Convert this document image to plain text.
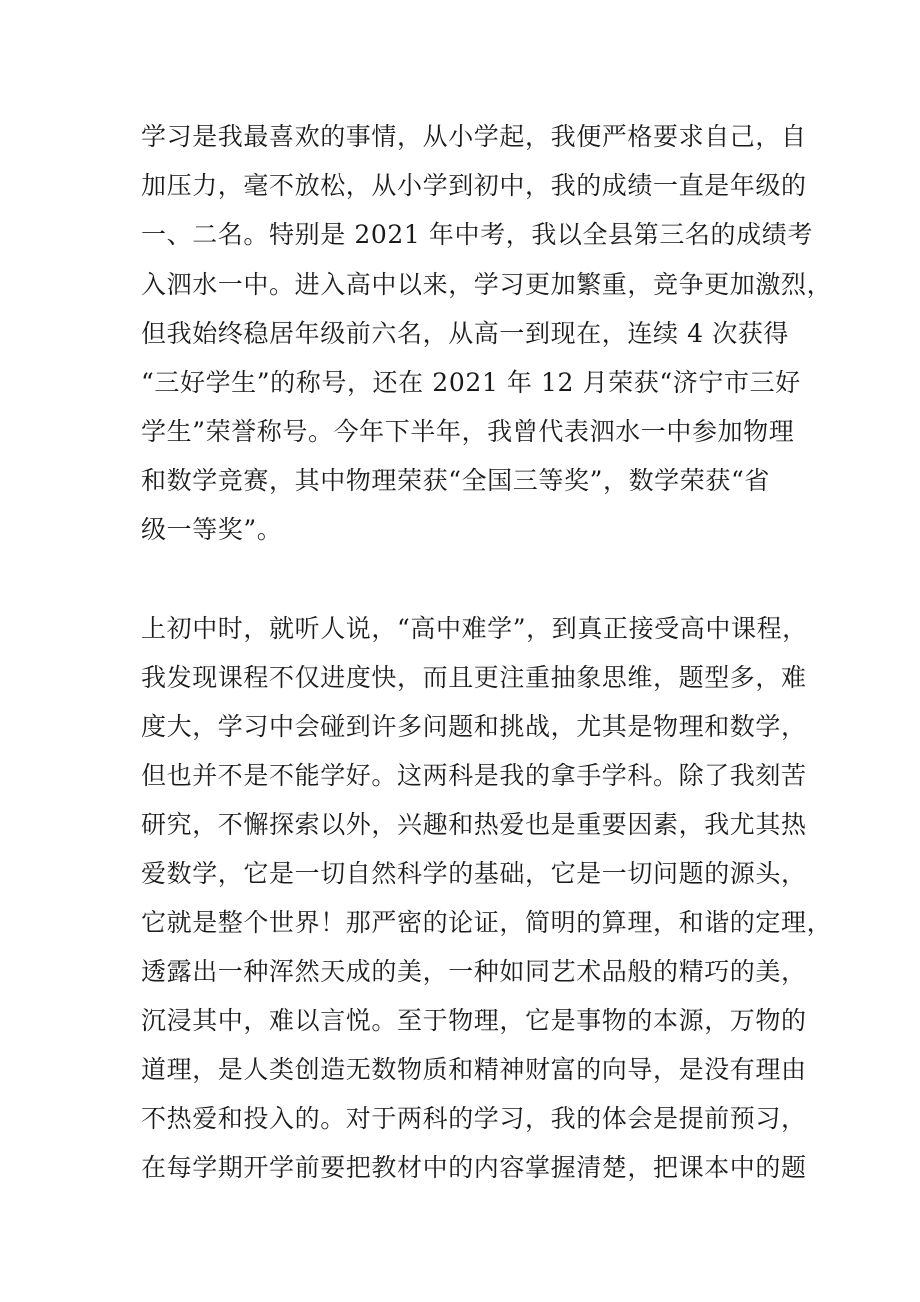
学习是我最喜欢的事情，从小学起，我便严格要求自己，自
加压力，毫不放松，从小学到初中，我的成绩一直是年级的
一、二名。特别是 2021 年中考，我以全县第三名的成绩考
入泗水一中。进入高中以来，学习更加繁重，竞争更加激烈，
但我始终稳居年级前六名，从高一到现在，连续 4 次获得
“三好学生”的称号，还在 2021 年 12 月荣获“济宁市三好
学生”荣誉称号。今年下半年，我曾代表泗水一中参加物理
和数学竞赛，其中物理荣获“全国三等奖”，数学荣获“省
级一等奖”。
上初中时，就听人说，“高中难学”，到真正接受高中课程，
我发现课程不仅进度快，而且更注重抽象思维，题型多，难
度大，学习中会碰到许多问题和挑战，尤其是物理和数学，
但也并不是不能学好。这两科是我的拿手学科。除了我刻苦
研究，不懈探索以外，兴趣和热爱也是重要因素，我尤其热
爱数学，它是一切自然科学的基础，它是一切问题的源头，
它就是整个世界！那严密的论证，简明的算理，和谐的定理，
透露出一种浑然天成的美，一种如同艺术品般的精巧的美，
沉浸其中，难以言悦。至于物理，它是事物的本源，万物的
道理，是人类创造无数物质和精神财富的向导，是没有理由
不热爱和投入的。对于两科的学习，我的体会是提前预习，
在每学期开学前要把教材中的内容掌握清楚，把课本中的题
